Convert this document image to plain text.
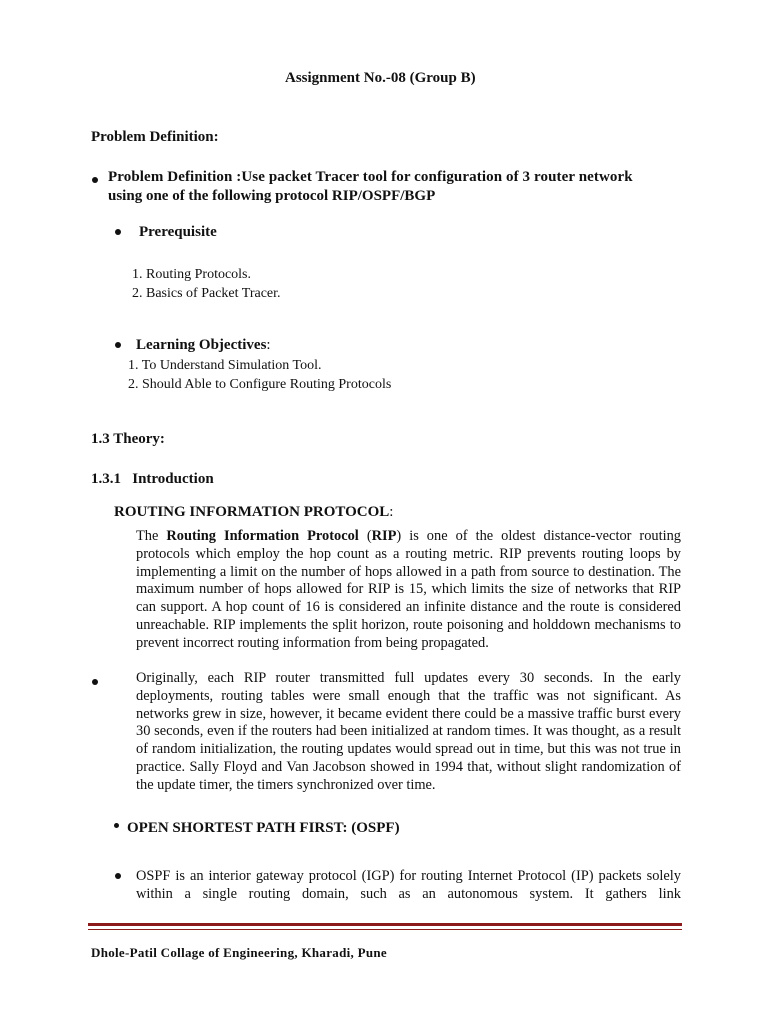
Assignment No.-08 (Group B)
Problem Definition:
Problem Definition :Use packet Tracer tool for configuration of 3 router network
using one of the following protocol RIP/OSPF/BGP
Prerequisite
1. Routing Protocols.
2. Basics of Packet Tracer.
Learning Objectives:
1. To Understand Simulation Tool.
2. Should Able to Configure Routing Protocols
1.3 Theory:
1.3.1   Introduction
ROUTING INFORMATION PROTOCOL:
The Routing Information Protocol (RIP) is one of the oldest distance-vector routing protocols which employ the hop count as a routing metric. RIP prevents routing loops by implementing a limit on the number of hops allowed in a path from source to destination. The maximum number of hops allowed for RIP is 15, which limits the size of networks that RIP can support. A hop count of 16 is considered an infinite distance and the route is considered unreachable. RIP implements the split horizon, route poisoning and holddown mechanisms to prevent incorrect routing information from being propagated.
Originally, each RIP router transmitted full updates every 30 seconds. In the early deployments, routing tables were small enough that the traffic was not significant. As networks grew in size, however, it became evident there could be a massive traffic burst every 30 seconds, even if the routers had been initialized at random times. It was thought, as a result of random initialization, the routing updates would spread out in time, but this was not true in practice. Sally Floyd and Van Jacobson showed in 1994 that, without slight randomization of the update timer, the timers synchronized over time.
OPEN SHORTEST PATH FIRST: (OSPF)
OSPF is an interior gateway protocol (IGP) for routing Internet Protocol (IP) packets solely within a single routing domain, such as an autonomous system. It gathers link
Dhole-Patil Collage of Engineering, Kharadi, Pune
